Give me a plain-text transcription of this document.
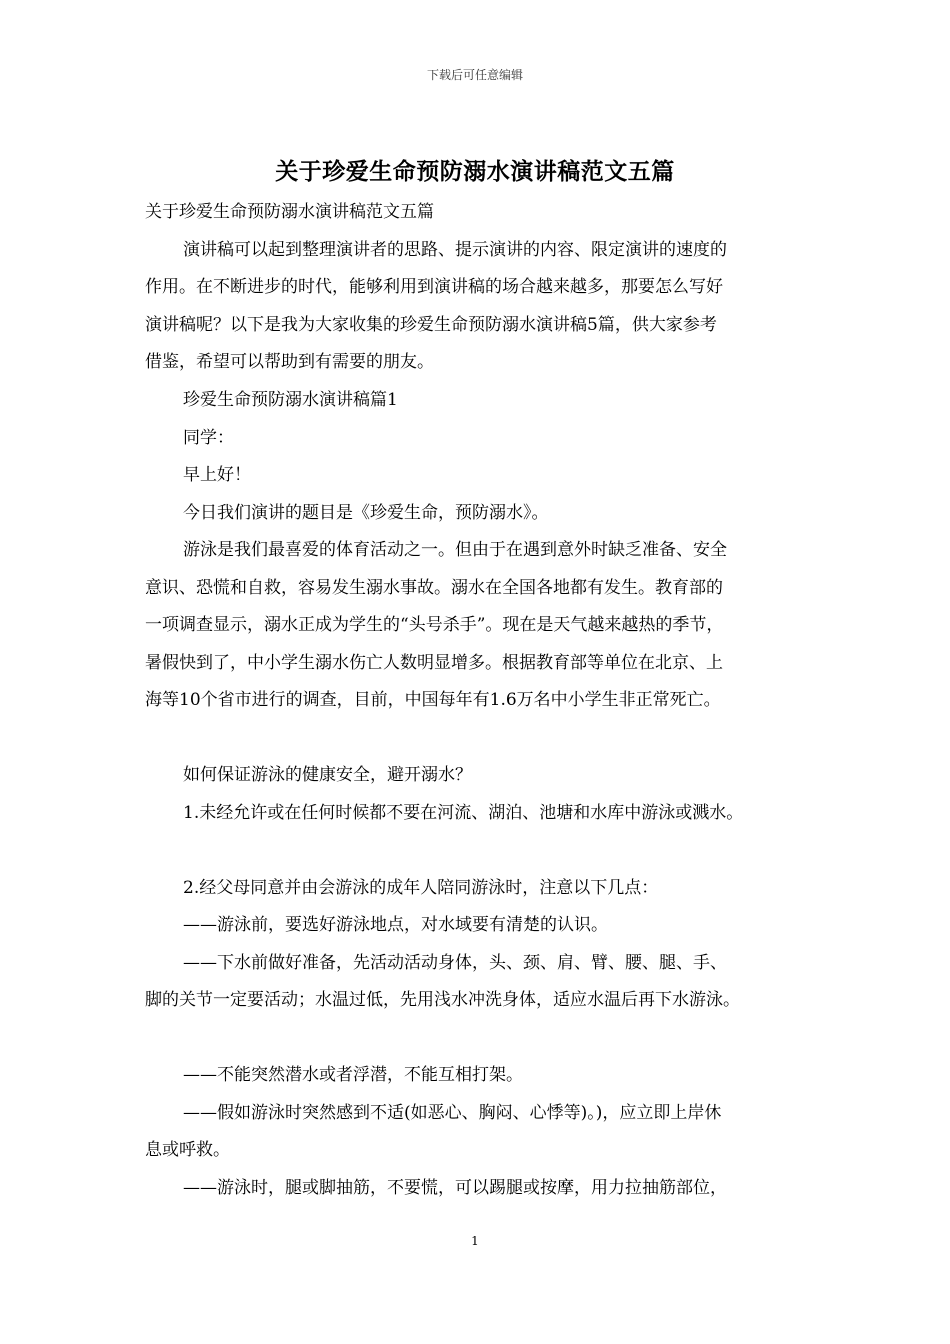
下载后可任意编辑
关于珍爱生命预防溺水演讲稿范文五篇
关于珍爱生命预防溺水演讲稿范文五篇
演讲稿可以起到整理演讲者的思路、提示演讲的内容、限定演讲的速度的
作用。在不断进步的时代，能够利用到演讲稿的场合越来越多，那要怎么写好
演讲稿呢？以下是我为大家收集的珍爱生命预防溺水演讲稿5篇，供大家参考
借鉴，希望可以帮助到有需要的朋友。
珍爱生命预防溺水演讲稿篇1
同学：
早上好！
今日我们演讲的题目是《珍爱生命，预防溺水》。
游泳是我们最喜爱的体育活动之一。但由于在遇到意外时缺乏准备、安全
意识、恐慌和自救，容易发生溺水事故。溺水在全国各地都有发生。教育部的
一项调查显示，溺水正成为学生的“头号杀手”。现在是天气越来越热的季节，
暑假快到了，中小学生溺水伤亡人数明显增多。根据教育部等单位在北京、上
海等10个省市进行的调查，目前，中国每年有1.6万名中小学生非正常死亡。
如何保证游泳的健康安全，避开溺水？
1.未经允许或在任何时候都不要在河流、湖泊、池塘和水库中游泳或溅水。
2.经父母同意并由会游泳的成年人陪同游泳时，注意以下几点：
——游泳前，要选好游泳地点，对水域要有清楚的认识。
——下水前做好准备，先活动活动身体，头、颈、肩、臂、腰、腿、手、
脚的关节一定要活动；水温过低，先用浅水冲洗身体，适应水温后再下水游泳。
——不能突然潜水或者浮潜，不能互相打架。
——假如游泳时突然感到不适(如恶心、胸闷、心悸等)。)，应立即上岸休
息或呼救。
——游泳时，腿或脚抽筋，不要慌，可以踢腿或按摩，用力拉抽筋部位，
1
